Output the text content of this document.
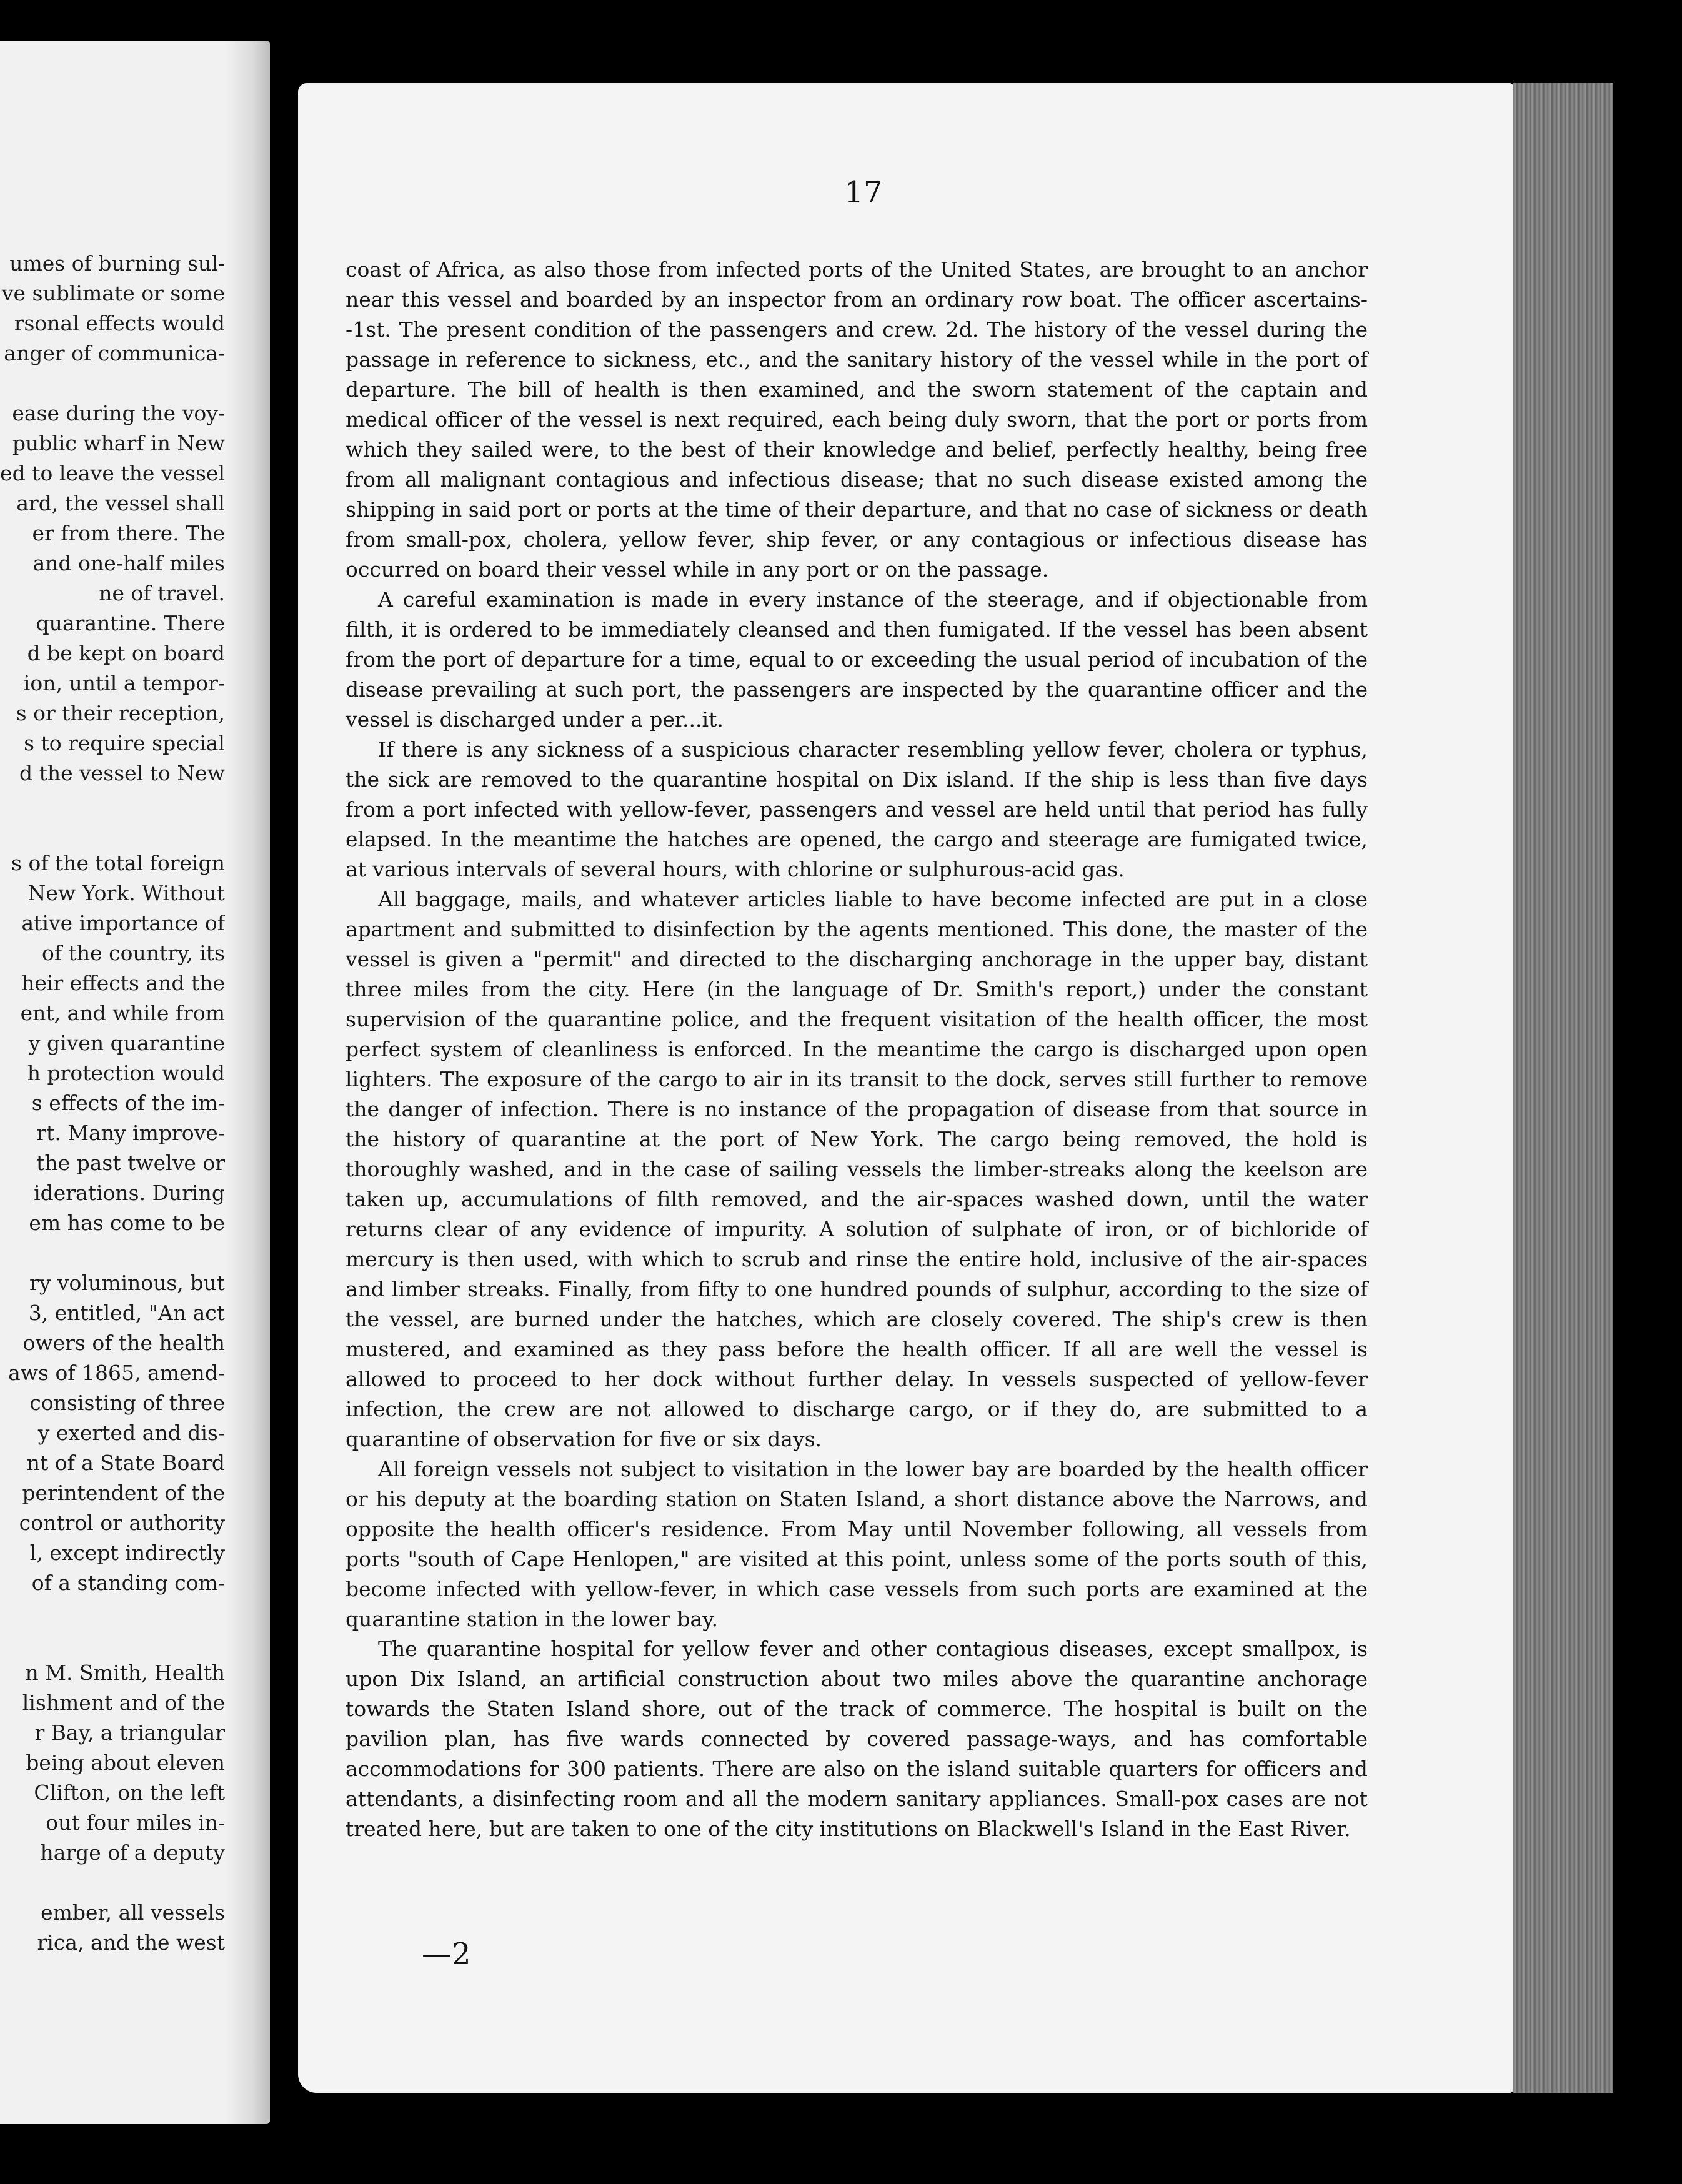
umes of burning sul-
ve sublimate or some
rsonal effects would
anger of communica-
ease during the voy-
public wharf in New
ed to leave the vessel
ard, the vessel shall
er from there. The
and one-half miles
ne of travel.
quarantine. There
d be kept on board
ion, until a tempor-
s or their reception,
s to require special
d the vessel to New
s of the total foreign
New York. Without
ative importance of
of the country, its
heir effects and the
ent, and while from
y given quarantine
h protection would
s effects of the im-
rt. Many improve-
the past twelve or
iderations. During
em has come to be
ry voluminous, but
3, entitled, "An act
owers of the health
aws of 1865, amend-
consisting of three
y exerted and dis-
nt of a State Board
perintendent of the
control or authority
l, except indirectly
of a standing com-
n M. Smith, Health
lishment and of the
r Bay, a triangular
being about eleven
Clifton, on the left
out four miles in-
harge of a deputy
ember, all vessels
rica, and the west
17

coast of Africa, as also those from infected ports of the United States, are brought to an anchor near this vessel and boarded by an inspector from an ordinary row boat. The officer ascertains--1st. The present condition of the passengers and crew. 2d. The history of the vessel during the passage in reference to sickness, etc., and the sanitary history of the vessel while in the port of departure. The bill of health is then examined, and the sworn statement of the captain and medical officer of the vessel is next required, each being duly sworn, that the port or ports from which they sailed were, to the best of their knowledge and belief, perfectly healthy, being free from all malignant contagious and infectious disease; that no such disease existed among the shipping in said port or ports at the time of their departure, and that no case of sickness or death from small-pox, cholera, yellow fever, ship fever, or any contagious or infectious disease has occurred on board their vessel while in any port or on the passage.

A careful examination is made in every instance of the steerage, and if objectionable from filth, it is ordered to be immediately cleansed and then fumigated. If the vessel has been absent from the port of departure for a time, equal to or exceeding the usual period of incubation of the disease prevailing at such port, the passengers are inspected by the quarantine officer and the vessel is discharged under a per...it.

If there is any sickness of a suspicious character resembling yellow fever, cholera or typhus, the sick are removed to the quarantine hospital on Dix island. If the ship is less than five days from a port infected with yellow-fever, passengers and vessel are held until that period has fully elapsed. In the meantime the hatches are opened, the cargo and steerage are fumigated twice, at various intervals of several hours, with chlorine or sulphurous-acid gas.

All baggage, mails, and whatever articles liable to have become infected are put in a close apartment and submitted to disinfection by the agents mentioned. This done, the master of the vessel is given a "permit" and directed to the discharging anchorage in the upper bay, distant three miles from the city. Here (in the language of Dr. Smith's report,) under the constant supervision of the quarantine police, and the frequent visitation of the health officer, the most perfect system of cleanliness is enforced. In the meantime the cargo is discharged upon open lighters. The exposure of the cargo to air in its transit to the dock, serves still further to remove the danger of infection. There is no instance of the propagation of disease from that source in the history of quarantine at the port of New York. The cargo being removed, the hold is thoroughly washed, and in the case of sailing vessels the limber-streaks along the keelson are taken up, accumulations of filth removed, and the air-spaces washed down, until the water returns clear of any evidence of impurity. A solution of sulphate of iron, or of bichloride of mercury is then used, with which to scrub and rinse the entire hold, inclusive of the air-spaces and limber streaks. Finally, from fifty to one hundred pounds of sulphur, according to the size of the vessel, are burned under the hatches, which are closely covered. The ship's crew is then mustered, and examined as they pass before the health officer. If all are well the vessel is allowed to proceed to her dock without further delay. In vessels suspected of yellow-fever infection, the crew are not allowed to discharge cargo, or if they do, are submitted to a quarantine of observation for five or six days.

All foreign vessels not subject to visitation in the lower bay are boarded by the health officer or his deputy at the boarding station on Staten Island, a short distance above the Narrows, and opposite the health officer's residence. From May until November following, all vessels from ports "south of Cape Henlopen," are visited at this point, unless some of the ports south of this, become infected with yellow-fever, in which case vessels from such ports are examined at the quarantine station in the lower bay.

The quarantine hospital for yellow fever and other contagious diseases, except smallpox, is upon Dix Island, an artificial construction about two miles above the quarantine anchorage towards the Staten Island shore, out of the track of commerce. The hospital is built on the pavilion plan, has five wards connected by covered passage-ways, and has comfortable accommodations for 300 patients. There are also on the island suitable quarters for officers and attendants, a disinfecting room and all the modern sanitary appliances. Small-pox cases are not treated here, but are taken to one of the city institutions on Blackwell's Island in the East River.

—2
